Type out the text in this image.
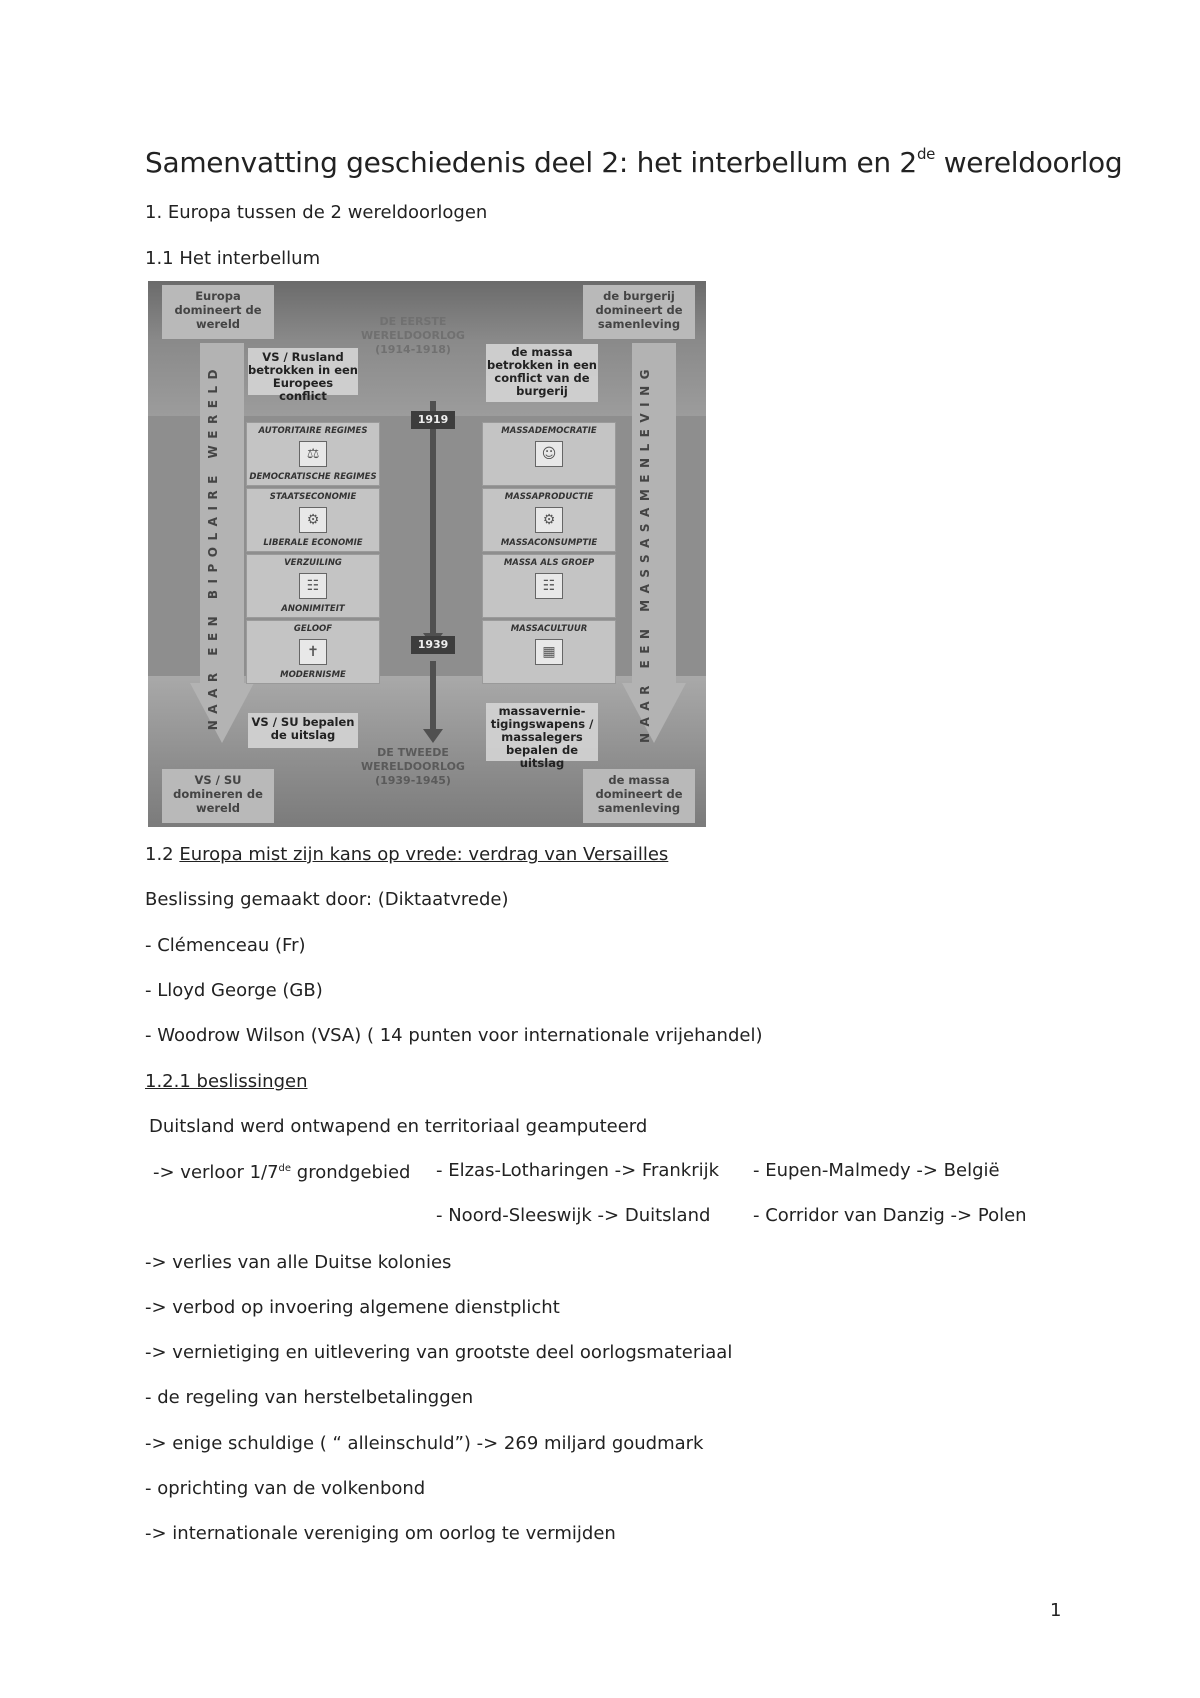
Samenvatting geschiedenis deel 2: het interbellum en 2de wereldoorlog
1. Europa tussen de 2 wereldoorlogen
1.1 Het interbellum
DE EERSTE WERELDOORLOG (1914-1918)
NAAR EEN BIPOLAIRE WERELD	NAAR EEN MASSASAMENLEVING
Europa domineert de wereld
de burgerij domineert de samenleving
VS / SU domineren de wereld
de massa domineert de samenleving
VS / Rusland betrokken in een Europees conflict
de massa betrokken in een conflict van de burgerij
1919
1939
AUTORITAIRE REGIMES
⚖
DEMOCRATISCHE REGIMES
STAATSECONOMIE
⚙
LIBERALE ECONOMIE
VERZUILING
☷
ANONIMITEIT
GELOOF
✝
MODERNISME
MASSADEMOCRATIE
☺
MASSAPRODUCTIE
⚙
MASSACONSUMPTIE
MASSA ALS GROEP
☷
MASSACULTUUR
▦
VS / SU bepalen de uitslag
massavernie-tigingswapens / massalegers bepalen de uitslag
DE TWEEDE WERELDOORLOG (1939-1945)
1.2 Europa mist zijn kans op vrede: verdrag van Versailles
Beslissing gemaakt door: (Diktaatvrede)
- Clémenceau (Fr)
- Lloyd George (GB)
- Woodrow Wilson (VSA) ( 14 punten voor internationale vrijehandel)
1.2.1 beslissingen
Duitsland werd ontwapend en territoriaal geamputeerd
-> verloor 1/7de grondgebied - Elzas-Lotharingen -> Frankrijk - Eupen-Malmedy -> België
- Noord-Sleeswijk -> Duitsland - Corridor van Danzig -> Polen
-> verlies van alle Duitse kolonies
-> verbod op invoering algemene dienstplicht
-> vernietiging en uitlevering van grootste deel oorlogsmateriaal
- de regeling van herstelbetalinggen
-> enige schuldige ( “ alleinschuld”) -> 269 miljard goudmark
- oprichting van de volkenbond
-> internationale vereniging om oorlog te vermijden
1
